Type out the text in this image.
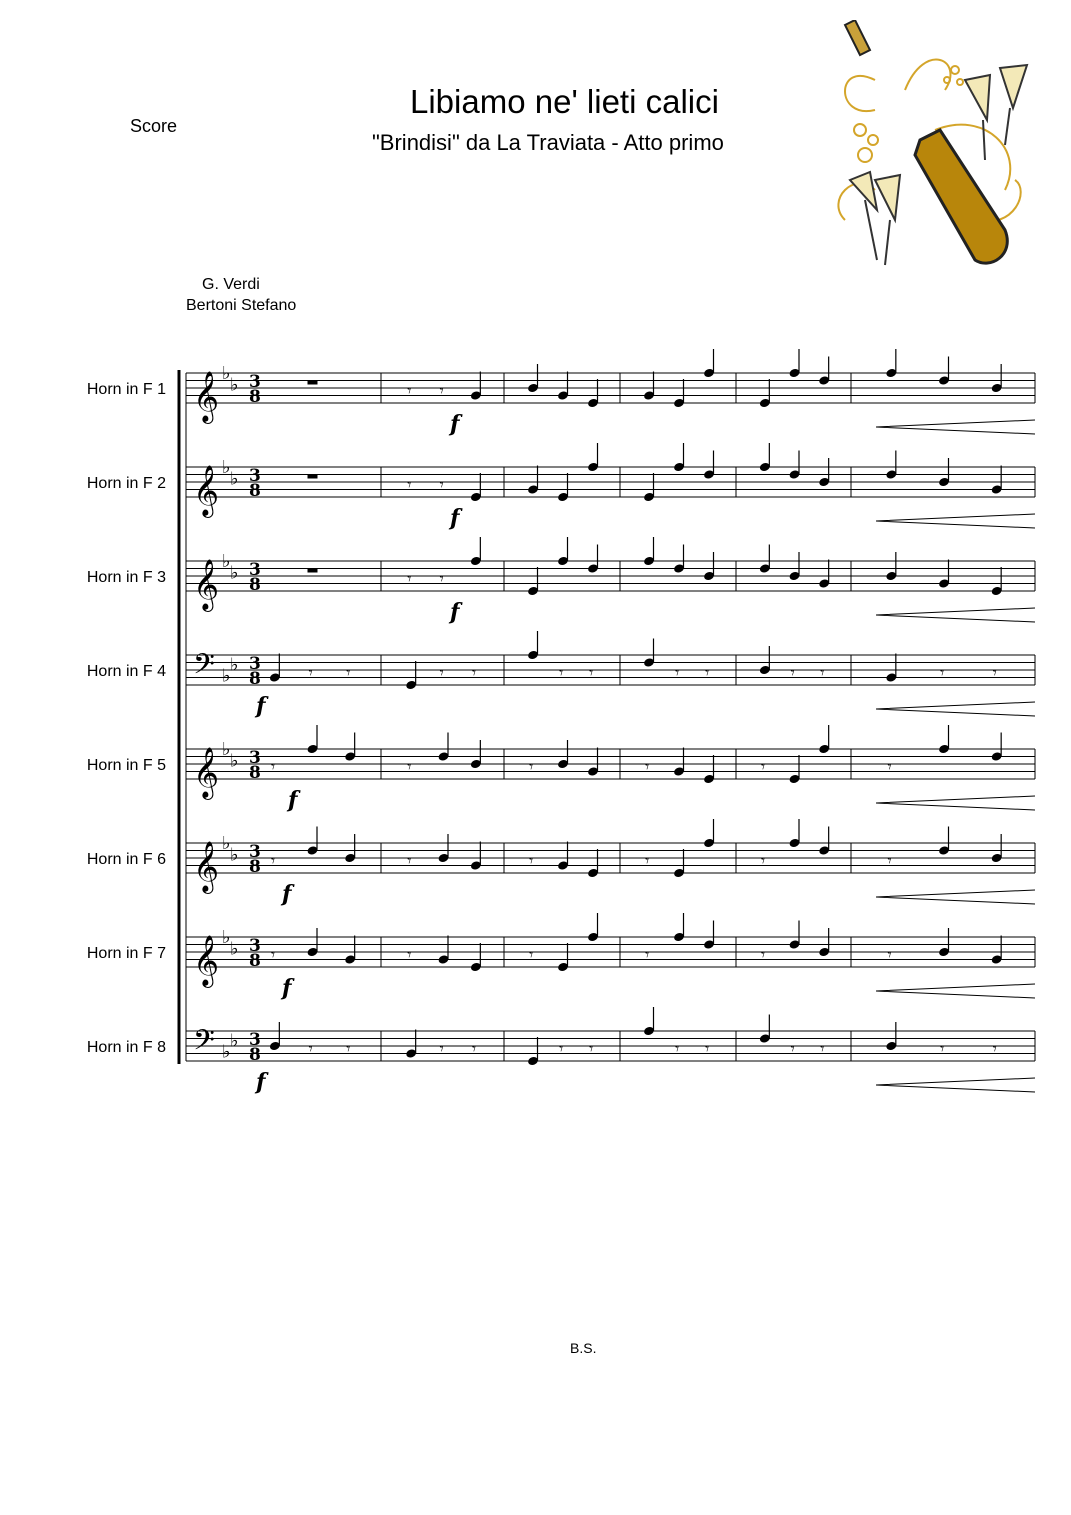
Score
Libiamo ne' lieti calici
"Brindisi" da La Traviata - Atto primo
G. Verdi
Bertoni Stefano
B.S.
Horn in F 1
Horn in F 2
Horn in F 3
Horn in F 4
Horn in F 5
Horn in F 6
Horn in F 7
Horn in F 8
𝄞 ♭
♭ 3
8	𝄾 𝄾
f
𝄞 ♭
♭ 3
8	𝄾 𝄾
f
𝄞 ♭
♭ 3
8	𝄾 𝄾
f
𝄢 ♭
♭ 3
8	𝄾 𝄾	𝄾 𝄾	𝄾 𝄾	𝄾 𝄾	𝄾 𝄾	𝄾	𝄾
f
𝄞 ♭
♭ 3
8 𝄾	𝄾	𝄾	𝄾	𝄾	𝄾
f
𝄞 ♭
♭ 3
8 𝄾	𝄾	𝄾	𝄾	𝄾	𝄾
f
𝄞 ♭
♭ 3
8 𝄾	𝄾	𝄾	𝄾	𝄾	𝄾
f
𝄢 ♭
♭ 3
8	𝄾 𝄾	𝄾 𝄾	𝄾 𝄾	𝄾 𝄾	𝄾 𝄾	𝄾	𝄾
f
